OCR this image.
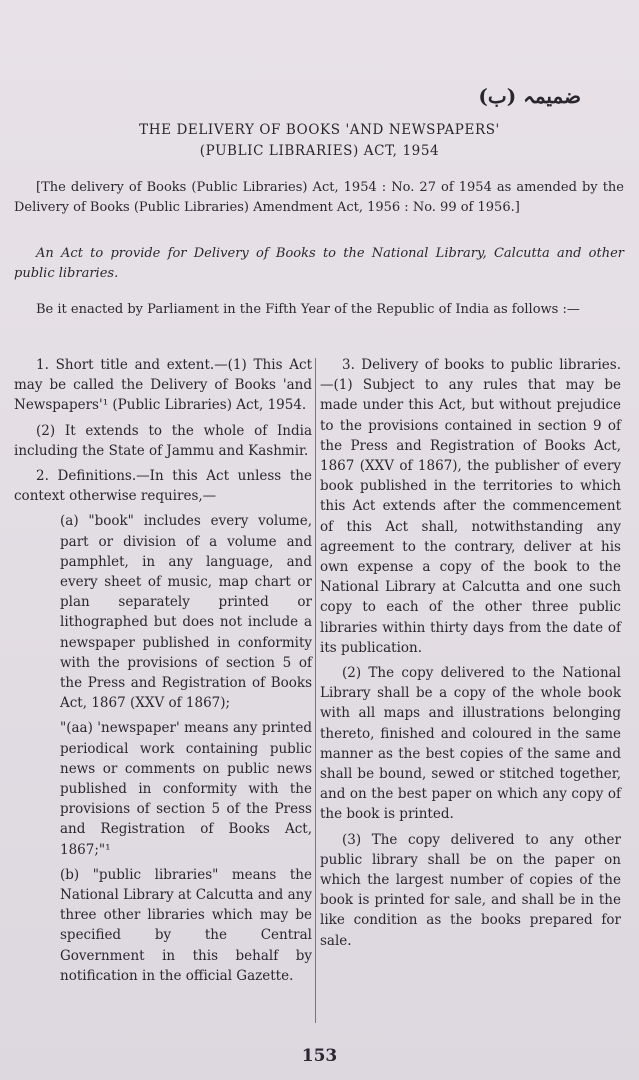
ضمیمہ (ب)
THE DELIVERY OF BOOKS 'AND NEWSPAPERS'
(PUBLIC LIBRARIES) ACT, 1954
[The delivery of Books (Public Libraries) Act, 1954 : No. 27 of 1954 as amended by the Delivery of Books (Public Libraries) Amendment Act, 1956 : No. 99 of 1956.]
An Act to provide for Delivery of Books to the National Library, Calcutta and other public libraries.
Be it enacted by Parliament in the Fifth Year of the Republic of India as follows :—

1. Short title and extent.—(1) This Act may be called the Delivery of Books 'and Newspapers'¹ (Public Libraries) Act, 1954.

(2) It extends to the whole of India including the State of Jammu and Kashmir.

2. Definitions.—In this Act unless the context otherwise requires,—

(a) "book" includes every volume, part or division of a volume and pamphlet, in any language, and every sheet of music, map chart or plan separately printed or lithographed but does not include a newspaper published in conformity with the provisions of section 5 of the Press and Registration of Books Act, 1867 (XXV of 1867);

"(aa) 'newspaper' means any printed periodical work containing public news or comments on public news published in conformity with the provisions of section 5 of the Press and Registration of Books Act, 1867;"¹

(b) "public libraries" means the National Library at Calcutta and any three other libraries which may be specified by the Central Government in this behalf by notification in the official Gazette.

3. Delivery of books to public libraries.—(1) Subject to any rules that may be made under this Act, but without prejudice to the provisions contained in section 9 of the Press and Registration of Books Act, 1867 (XXV of 1867), the publisher of every book published in the territories to which this Act extends after the commencement of this Act shall, notwithstanding any agreement to the contrary, deliver at his own expense a copy of the book to the National Library at Calcutta and one such copy to each of the other three public libraries within thirty days from the date of its publication.

(2) The copy delivered to the National Library shall be a copy of the whole book with all maps and illustrations belonging thereto, finished and coloured in the same manner as the best copies of the same and shall be bound, sewed or stitched together, and on the best paper on which any copy of the book is printed.

(3) The copy delivered to any other public library shall be on the paper on which the largest number of copies of the book is printed for sale, and shall be in the like condition as the books prepared for sale.

153
